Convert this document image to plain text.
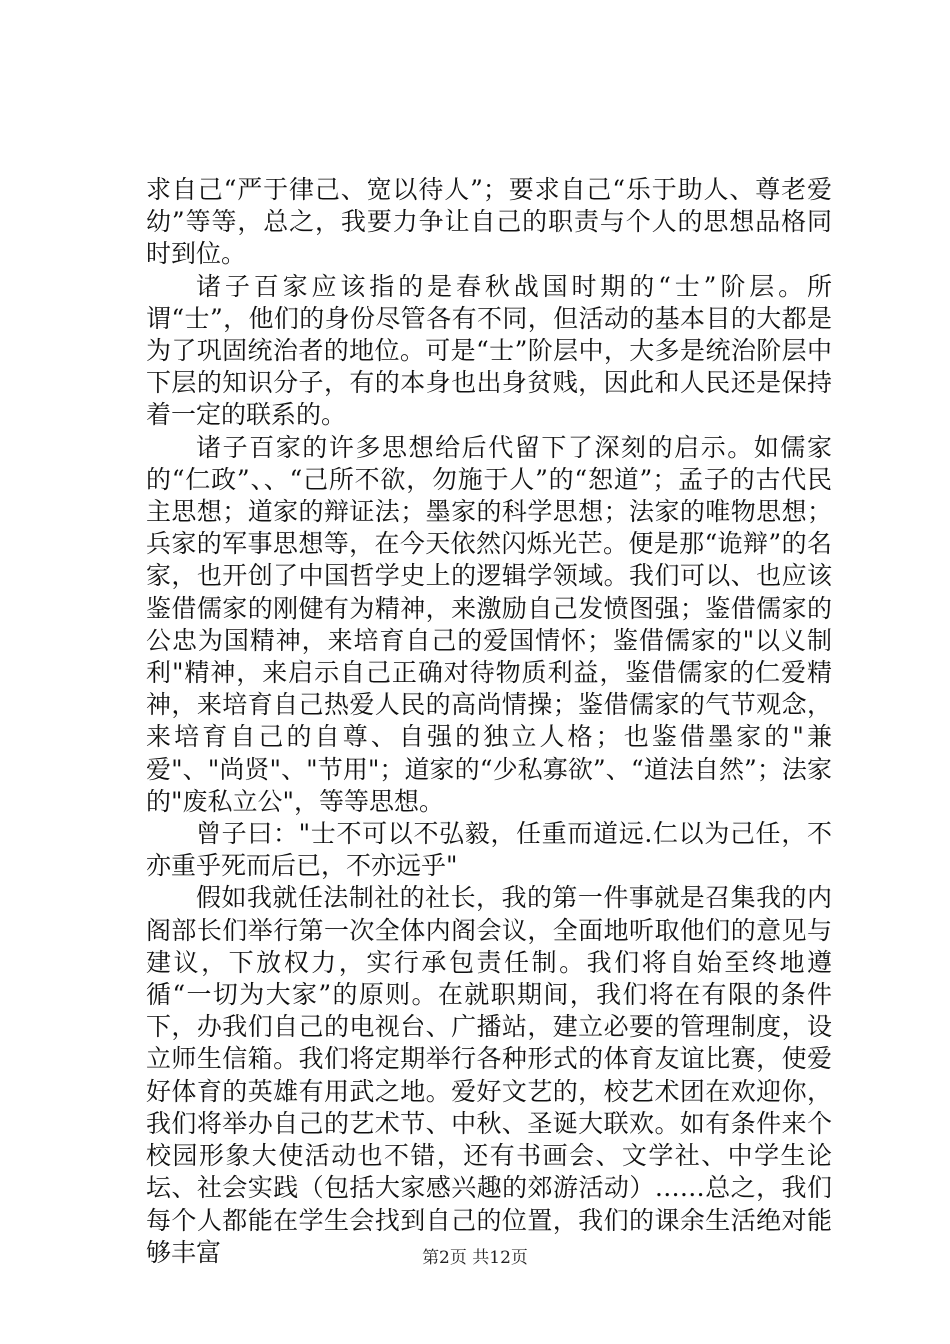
求自己“严于律己、宽以待人”；要求自己“乐于助人、尊老爱幼”等等，总之，我要力争让自己的职责与个人的思想品格同时到位。

诸子百家应该指的是春秋战国时期的“士”阶层。所谓“士”，他们的身份尽管各有不同，但活动的基本目的大都是为了巩固统治者的地位。可是“士”阶层中，大多是统治阶层中下层的知识分子，有的本身也出身贫贱，因此和人民还是保持着一定的联系的。

诸子百家的许多思想给后代留下了深刻的启示。如儒家的“仁政”、、“己所不欲，勿施于人”的“恕道”；孟子的古代民主思想；道家的辩证法；墨家的科学思想；法家的唯物思想；兵家的军事思想等，在今天依然闪烁光芒。便是那“诡辩”的名家，也开创了中国哲学史上的逻辑学领域。我们可以、也应该鉴借儒家的刚健有为精神，来激励自己发愤图强；鉴借儒家的公忠为国精神，来培育自己的爱国情怀；鉴借儒家的"以义制利"精神，来启示自己正确对待物质利益，鉴借儒家的仁爱精神，来培育自己热爱人民的高尚情操；鉴借儒家的气节观念，来培育自己的自尊、自强的独立人格；也鉴借墨家的"兼爱"、"尚贤"、"节用"；道家的“少私寡欲”、“道法自然”；法家的"废私立公"，等等思想。

曾子曰："士不可以不弘毅，任重而道远.仁以为己任，不亦重乎死而后已，不亦远乎"

假如我就任法制社的社长，我的第一件事就是召集我的内阁部长们举行第一次全体内阁会议，全面地听取他们的意见与建议，下放权力，实行承包责任制。我们将自始至终地遵循“一切为大家”的原则。在就职期间，我们将在有限的条件下，办我们自己的电视台、广播站，建立必要的管理制度，设立师生信箱。我们将定期举行各种形式的体育友谊比赛，使爱好体育的英雄有用武之地。爱好文艺的，校艺术团在欢迎你，我们将举办自己的艺术节、中秋、圣诞大联欢。如有条件来个校园形象大使活动也不错，还有书画会、文学社、中学生论坛、社会实践（包括大家感兴趣的郊游活动）……总之，我们每个人都能在学生会找到自己的位置，我们的课余生活绝对能够丰富	第2页 共12页
